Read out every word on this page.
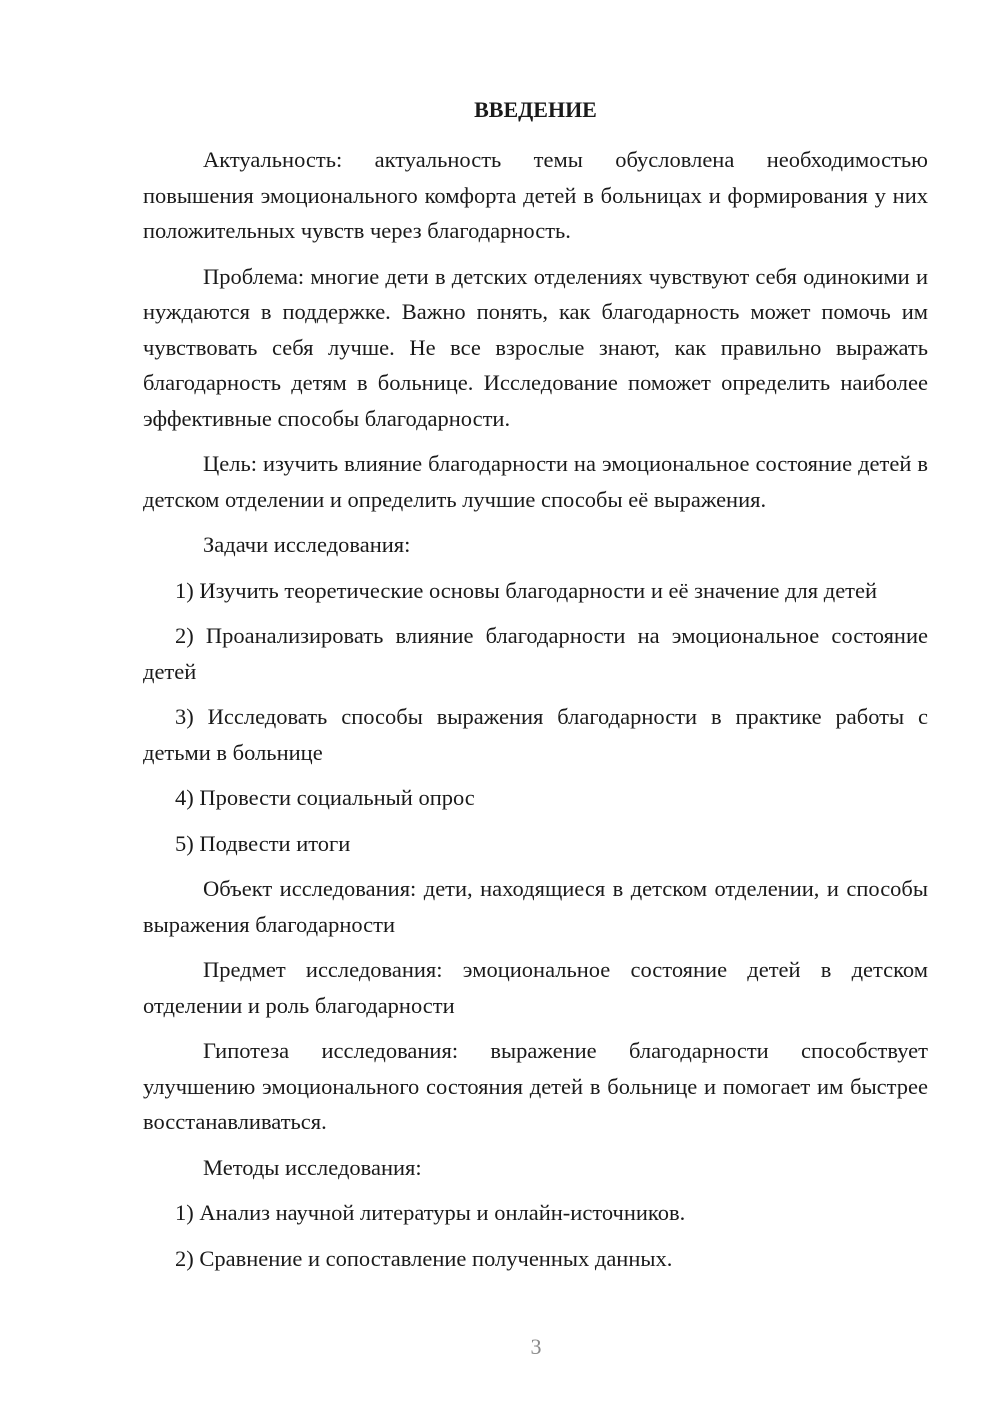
ВВЕДЕНИЕ

Актуальность: актуальность темы обусловлена необходимостью повышения эмоционального комфорта детей в больницах и формирования у них положительных чувств через благодарность.

Проблема: многие дети в детских отделениях чувствуют себя одинокими и нуждаются в поддержке. Важно понять, как благодарность может помочь им чувствовать себя лучше. Не все взрослые знают, как правильно выражать благодарность детям в больнице. Исследование поможет определить наиболее эффективные способы благодарности.

Цель: изучить влияние благодарности на эмоциональное состояние детей в детском отделении и определить лучшие способы её выражения.

Задачи исследования:

1) Изучить теоретические основы благодарности и её значение для детей

2) Проанализировать влияние благодарности на эмоциональное состояние детей

3) Исследовать способы выражения благодарности в практике работы с детьми в больнице

4) Провести социальный опрос

5) Подвести итоги

Объект исследования: дети, находящиеся в детском отделении, и способы выражения благодарности

Предмет исследования: эмоциональное состояние детей в детском отделении и роль благодарности

Гипотеза исследования: выражение благодарности способствует улучшению эмоционального состояния детей в больнице и помогает им быстрее восстанавливаться.

Методы исследования:

1) Анализ научной литературы и онлайн-источников.

2) Сравнение и сопоставление полученных данных.

3
